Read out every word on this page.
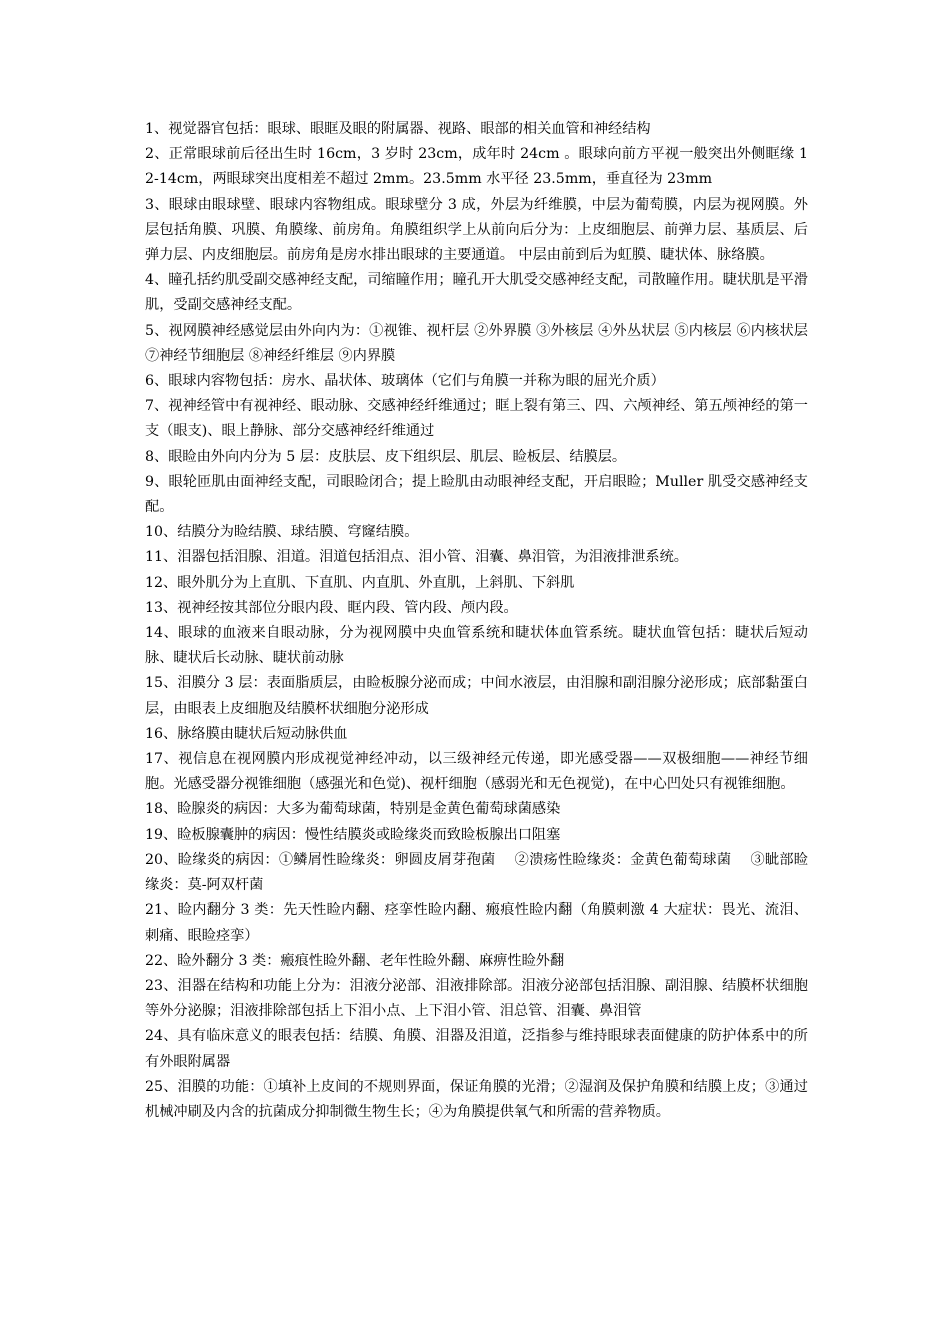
1、视觉器官包括：眼球、眼眶及眼的附属器、视路、眼部的相关血管和神经结构

2、正常眼球前后径出生时 16cm，3 岁时 23cm，成年时 24cm 。眼球向前方平视一般突出外侧眶缘 12-14cm，两眼球突出度相差不超过 2mm。23.5mm 水平径 23.5mm，垂直径为 23mm

3、眼球由眼球壁、眼球内容物组成。眼球壁分 3 成，外层为纤维膜，中层为葡萄膜，内层为视网膜。外层包括角膜、巩膜、角膜缘、前房角。角膜组织学上从前向后分为：上皮细胞层、前弹力层、基质层、后弹力层、内皮细胞层。前房角是房水排出眼球的主要通道。 中层由前到后为虹膜、睫状体、脉络膜。

4、瞳孔括约肌受副交感神经支配，司缩瞳作用；瞳孔开大肌受交感神经支配，司散瞳作用。睫状肌是平滑肌，受副交感神经支配。

5、视网膜神经感觉层由外向内为：①视锥、视杆层 ②外界膜 ③外核层 ④外丛状层 ⑤内核层 ⑥内核状层 ⑦神经节细胞层 ⑧神经纤维层 ⑨内界膜

6、眼球内容物包括：房水、晶状体、玻璃体（它们与角膜一并称为眼的屈光介质）

7、视神经管中有视神经、眼动脉、交感神经纤维通过；眶上裂有第三、四、六颅神经、第五颅神经的第一支（眼支)、眼上静脉、部分交感神经纤维通过

8、眼睑由外向内分为 5 层：皮肤层、皮下组织层、肌层、睑板层、结膜层。

9、眼轮匝肌由面神经支配，司眼睑闭合；提上睑肌由动眼神经支配，开启眼睑；Muller 肌受交感神经支配。

10、结膜分为睑结膜、球结膜、穹窿结膜。

11、泪器包括泪腺、泪道。泪道包括泪点、泪小管、泪囊、鼻泪管，为泪液排泄系统。

12、眼外肌分为上直肌、下直肌、内直肌、外直肌，上斜肌、下斜肌

13、视神经按其部位分眼内段、眶内段、管内段、颅内段。

14、眼球的血液来自眼动脉，分为视网膜中央血管系统和睫状体血管系统。睫状血管包括：睫状后短动脉、睫状后长动脉、睫状前动脉

15、泪膜分 3 层：表面脂质层，由睑板腺分泌而成；中间水液层，由泪腺和副泪腺分泌形成；底部黏蛋白层，由眼表上皮细胞及结膜杯状细胞分泌形成

16、脉络膜由睫状后短动脉供血

17、视信息在视网膜内形成视觉神经冲动，以三级神经元传递，即光感受器——双极细胞——神经节细胞。光感受器分视锥细胞（感强光和色觉)、视杆细胞（感弱光和无色视觉)，在中心凹处只有视锥细胞。

18、睑腺炎的病因：大多为葡萄球菌，特别是金黄色葡萄球菌感染

19、睑板腺囊肿的病因：慢性结膜炎或睑缘炎而致睑板腺出口阻塞

20、睑缘炎的病因：①鳞屑性睑缘炎：卵圆皮屑芽孢菌　 ②溃疡性睑缘炎：金黄色葡萄球菌　 ③眦部睑缘炎：莫-阿双杆菌

21、睑内翻分 3 类：先天性睑内翻、痉挛性睑内翻、瘢痕性睑内翻（角膜刺激 4 大症状：畏光、流泪、刺痛、眼睑痉挛）

22、睑外翻分 3 类：瘢痕性睑外翻、老年性睑外翻、麻痹性睑外翻

23、泪器在结构和功能上分为：泪液分泌部、泪液排除部。泪液分泌部包括泪腺、副泪腺、结膜杯状细胞等外分泌腺；泪液排除部包括上下泪小点、上下泪小管、泪总管、泪囊、鼻泪管

24、具有临床意义的眼表包括：结膜、角膜、泪器及泪道，泛指参与维持眼球表面健康的防护体系中的所有外眼附属器

25、泪膜的功能：①填补上皮间的不规则界面，保证角膜的光滑；②湿润及保护角膜和结膜上皮；③通过机械冲刷及内含的抗菌成分抑制微生物生长；④为角膜提供氧气和所需的营养物质。
